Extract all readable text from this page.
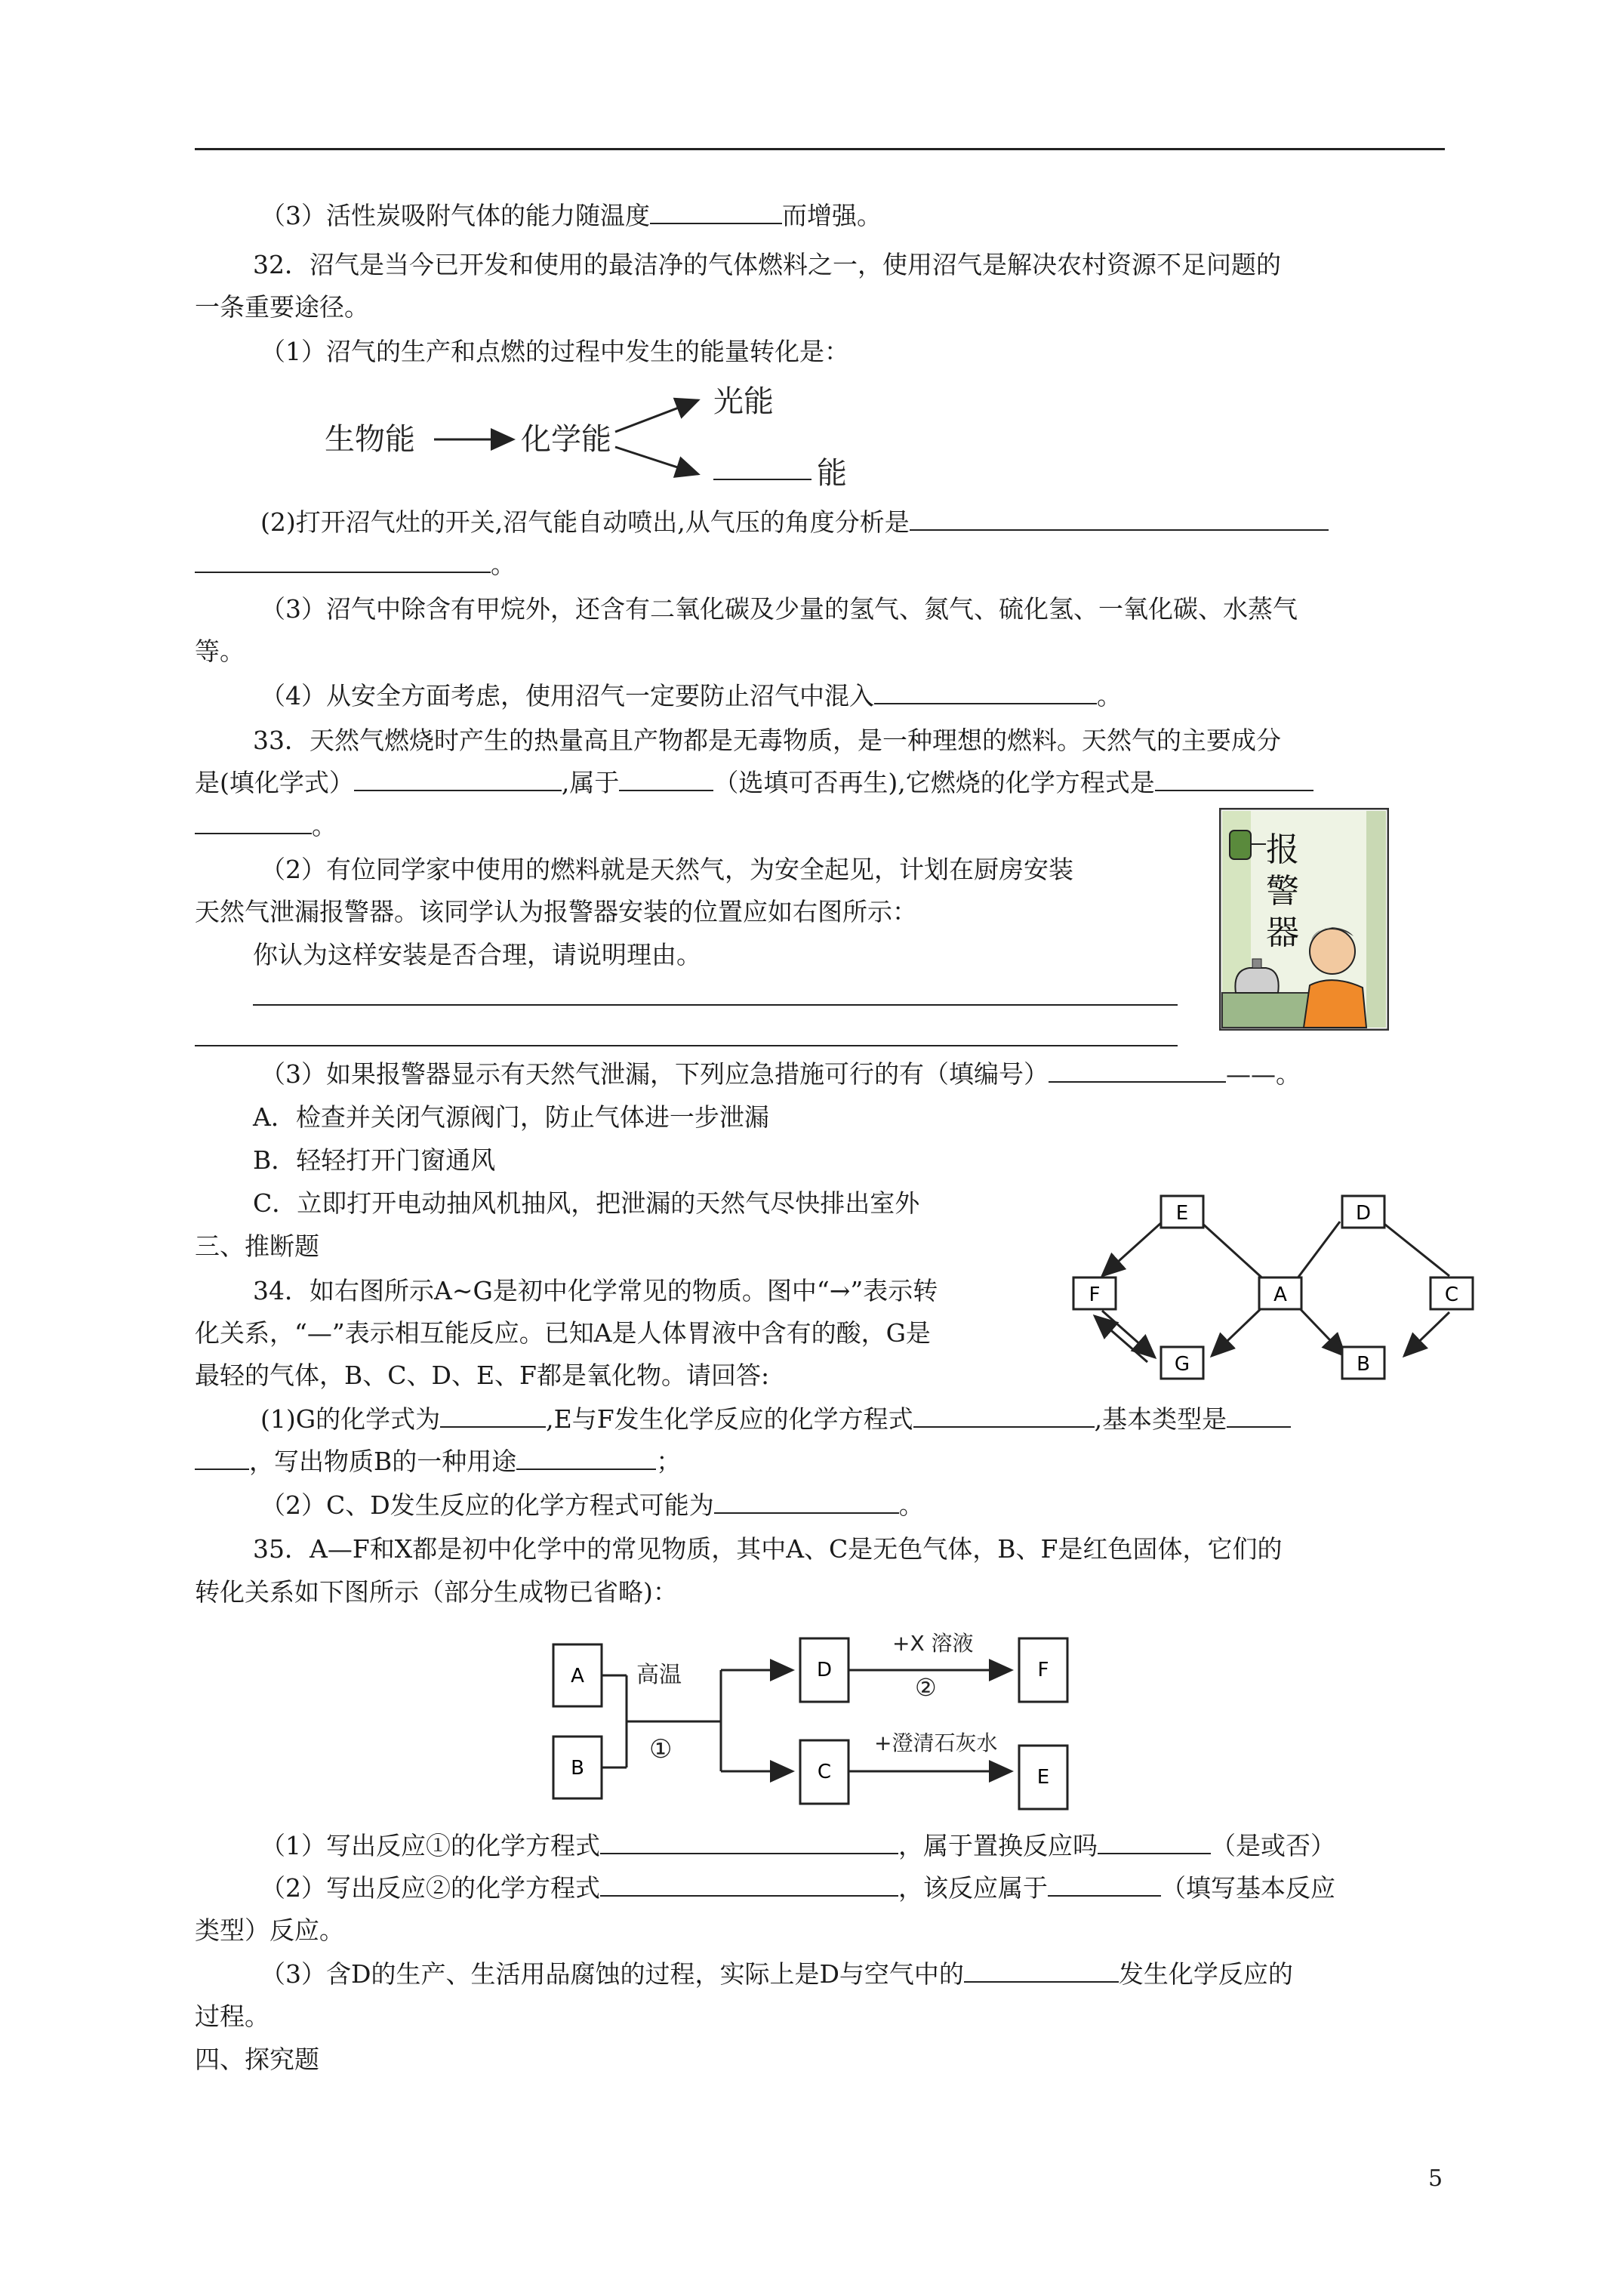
（3）活性炭吸附气体的能力随温度	而增强。
32．沼气是当今已开发和使用的最洁净的气体燃料之一，使用沼气是解决农村资源不足问题的
一条重要途径。
（1）沼气的生产和点燃的过程中发生的能量转化是：
生物能	化学能
光能
能
(2)打开沼气灶的开关,沼气能自动喷出,从气压的角度分析是
。
（3）沼气中除含有甲烷外，还含有二氧化碳及少量的氢气、氮气、硫化氢、一氧化碳、水蒸气
等。
（4）从安全方面考虑，使用沼气一定要防止沼气中混入	。
33．天然气燃烧时产生的热量高且产物都是无毒物质，是一种理想的燃料。天然气的主要成分
是(填化学式）	,属于	（选填可否再生),它燃烧的化学方程式是
。
（2）有位同学家中使用的燃料就是天然气，为安全起见，计划在厨房安装
天然气泄漏报警器。该同学认为报警器安装的位置应如右图所示：
你认为这样安装是否合理，请说明理由。
报
警
器
（3）如果报警器显示有天然气泄漏，下列应急措施可行的有（填编号）	——。
A．检查并关闭气源阀门，防止气体进一步泄漏
B．轻轻打开门窗通风
C．立即打开电动抽风机抽风，把泄漏的天然气尽快排出室外
三、推断题
E	D
F	A	C
G	B
34．如右图所示A~G是初中化学常见的物质。图中“→”表示转
化关系，“—”表示相互能反应。已知A是人体胃液中含有的酸，G是
最轻的气体，B、C、D、E、F都是氧化物。请回答:
(1)G的化学式为	,E与F发生化学反应的化学方程式	,基本类型是
，写出物质B的一种用途	；
（2）C、D发生反应的化学方程式可能为	。
35．A—F和X都是初中化学中的常见物质，其中A、C是无色气体，B、F是红色固体，它们的
转化关系如下图所示（部分生成物已省略)：
A
B
高温
①
D
C
+X 溶液
②
F
+澄清石灰水
E
（1）写出反应①的化学方程式	，属于置换反应吗	（是或否）
（2）写出反应②的化学方程式	，该反应属于	（填写基本反应
类型）反应。
（3）含D的生产、生活用品腐蚀的过程，实际上是D与空气中的	发生化学反应的
过程。
四、探究题
5
